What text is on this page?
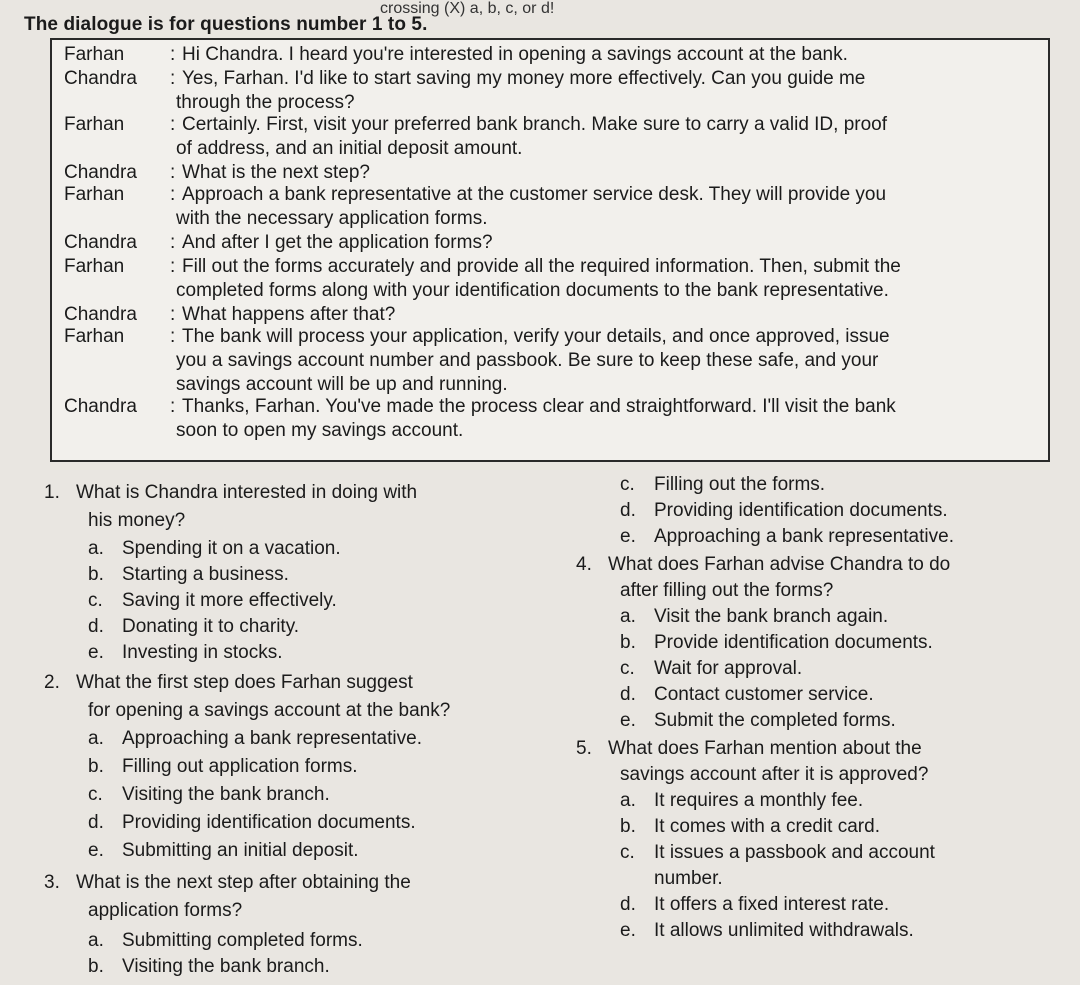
crossing (X) a, b, c, or d!
The dialogue is for questions number 1 to 5.
Farhan : Hi Chandra. I heard you're interested in opening a savings account at the bank.
Chandra : Yes, Farhan. I'd like to start saving my money more effectively. Can you guide me
through the process?
Farhan : Certainly. First, visit your preferred bank branch. Make sure to carry a valid ID, proof
of address, and an initial deposit amount.
Chandra : What is the next step?
Farhan : Approach a bank representative at the customer service desk. They will provide you
with the necessary application forms.
Chandra : And after I get the application forms?
Farhan : Fill out the forms accurately and provide all the required information. Then, submit the
completed forms along with your identification documents to the bank representative.
Chandra : What happens after that?
Farhan : The bank will process your application, verify your details, and once approved, issue
you a savings account number and passbook. Be sure to keep these safe, and your
savings account will be up and running.
Chandra : Thanks, Farhan. You've made the process clear and straightforward. I'll visit the bank
soon to open my savings account.
1. What is Chandra interested in doing with
his money?
a. Spending it on a vacation.
b. Starting a business.
c. Saving it more effectively.
d. Donating it to charity.
e. Investing in stocks.
2. What the first step does Farhan suggest
for opening a savings account at the bank?
a. Approaching a bank representative.
b. Filling out application forms.
c. Visiting the bank branch.
d. Providing identification documents.
e. Submitting an initial deposit.
3. What is the next step after obtaining the
application forms?
a. Submitting completed forms.
b. Visiting the bank branch.
c. Filling out the forms.
d. Providing identification documents.
e. Approaching a bank representative.
4. What does Farhan advise Chandra to do
after filling out the forms?
a. Visit the bank branch again.
b. Provide identification documents.
c. Wait for approval.
d. Contact customer service.
e. Submit the completed forms.
5. What does Farhan mention about the
savings account after it is approved?
a. It requires a monthly fee.
b. It comes with a credit card.
c. It issues a passbook and account
number.
d. It offers a fixed interest rate.
e. It allows unlimited withdrawals.
